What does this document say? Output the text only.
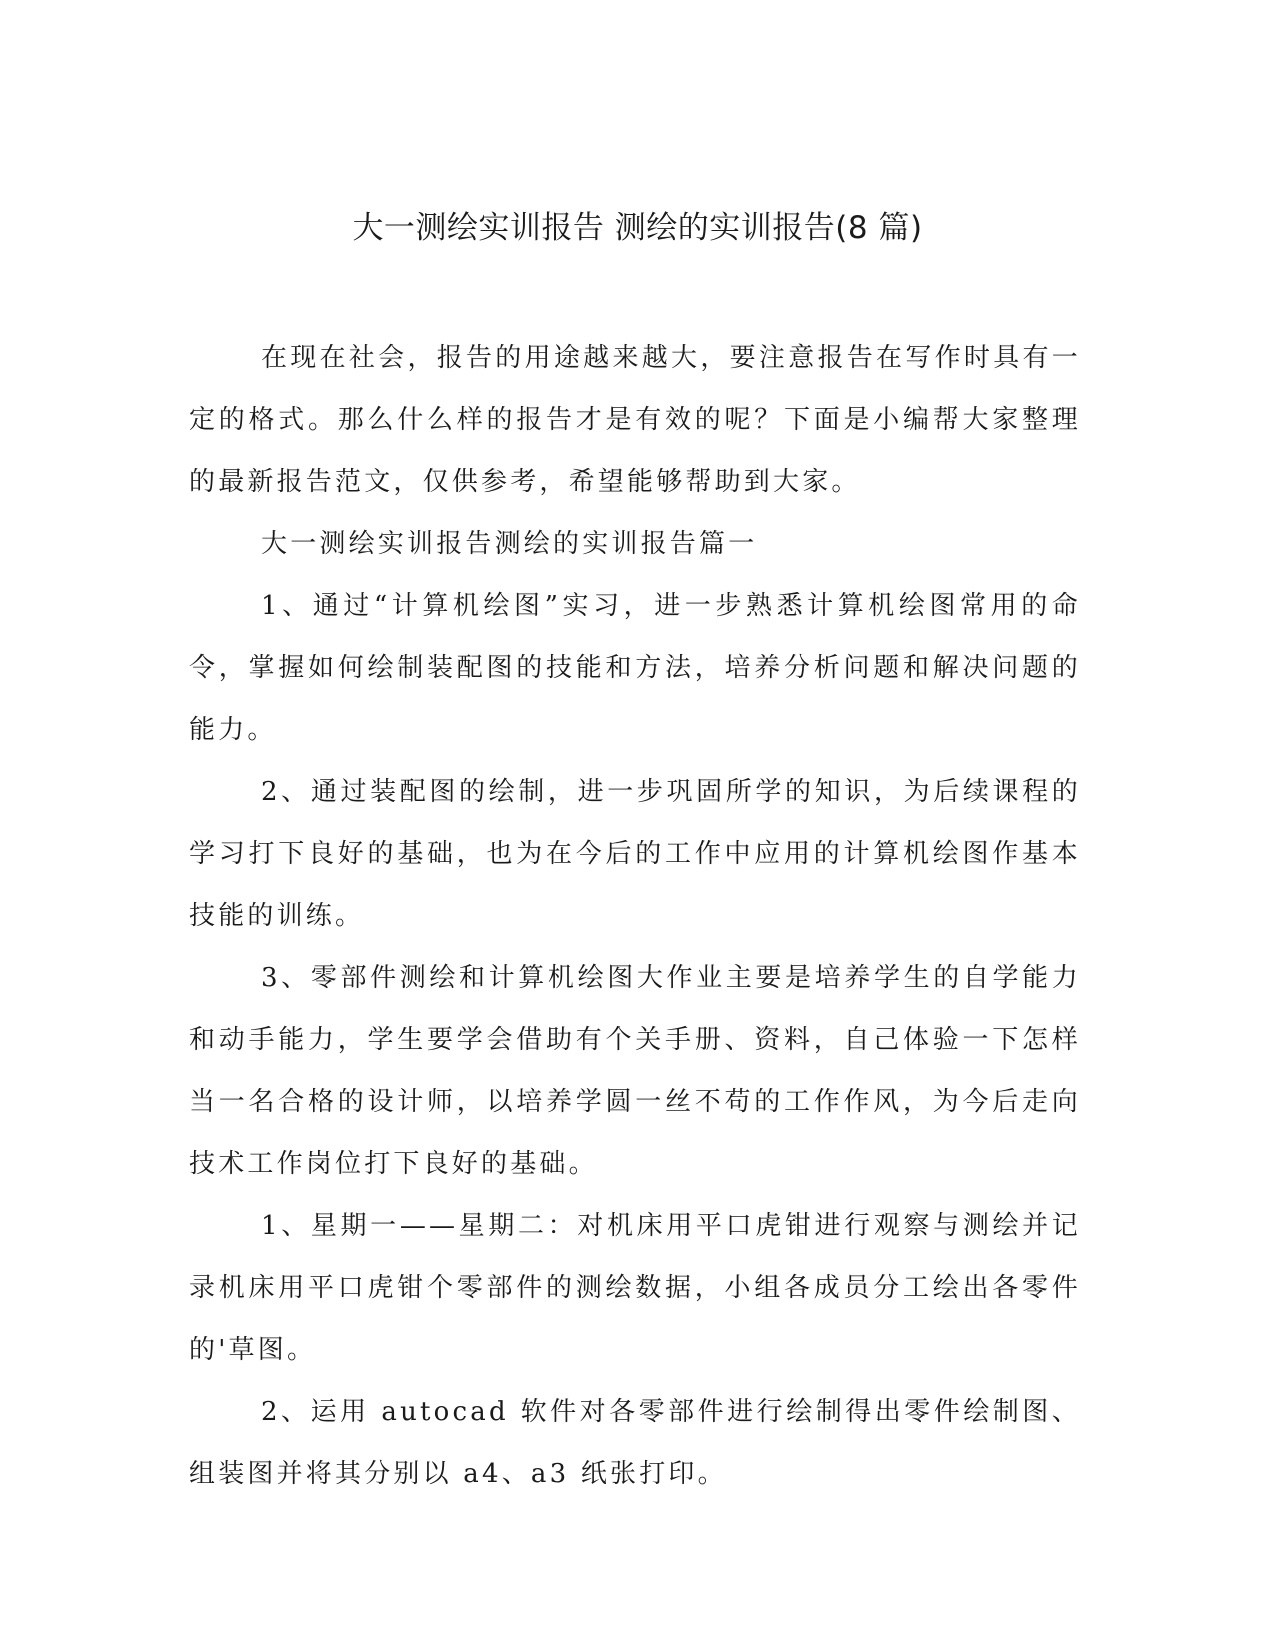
大一测绘实训报告 测绘的实训报告(8 篇)

在现在社会，报告的用途越来越大，要注意报告在写作时具有一定的格式。那么什么样的报告才是有效的呢？下面是小编帮大家整理的最新报告范文，仅供参考，希望能够帮助到大家。

大一测绘实训报告测绘的实训报告篇一

1、通过“计算机绘图”实习，进一步熟悉计算机绘图常用的命令，掌握如何绘制装配图的技能和方法，培养分析问题和解决问题的能力。

2、通过装配图的绘制，进一步巩固所学的知识，为后续课程的学习打下良好的基础，也为在今后的工作中应用的计算机绘图作基本技能的训练。

3、零部件测绘和计算机绘图大作业主要是培养学生的自学能力和动手能力，学生要学会借助有个关手册、资料，自己体验一下怎样当一名合格的设计师，以培养学圆一丝不苟的工作作风，为今后走向技术工作岗位打下良好的基础。

1、星期一——星期二：对机床用平口虎钳进行观察与测绘并记录机床用平口虎钳个零部件的测绘数据，小组各成员分工绘出各零件的'草图。

2、运用 autocad 软件对各零部件进行绘制得出零件绘制图、组装图并将其分别以 a4、a3 纸张打印。
